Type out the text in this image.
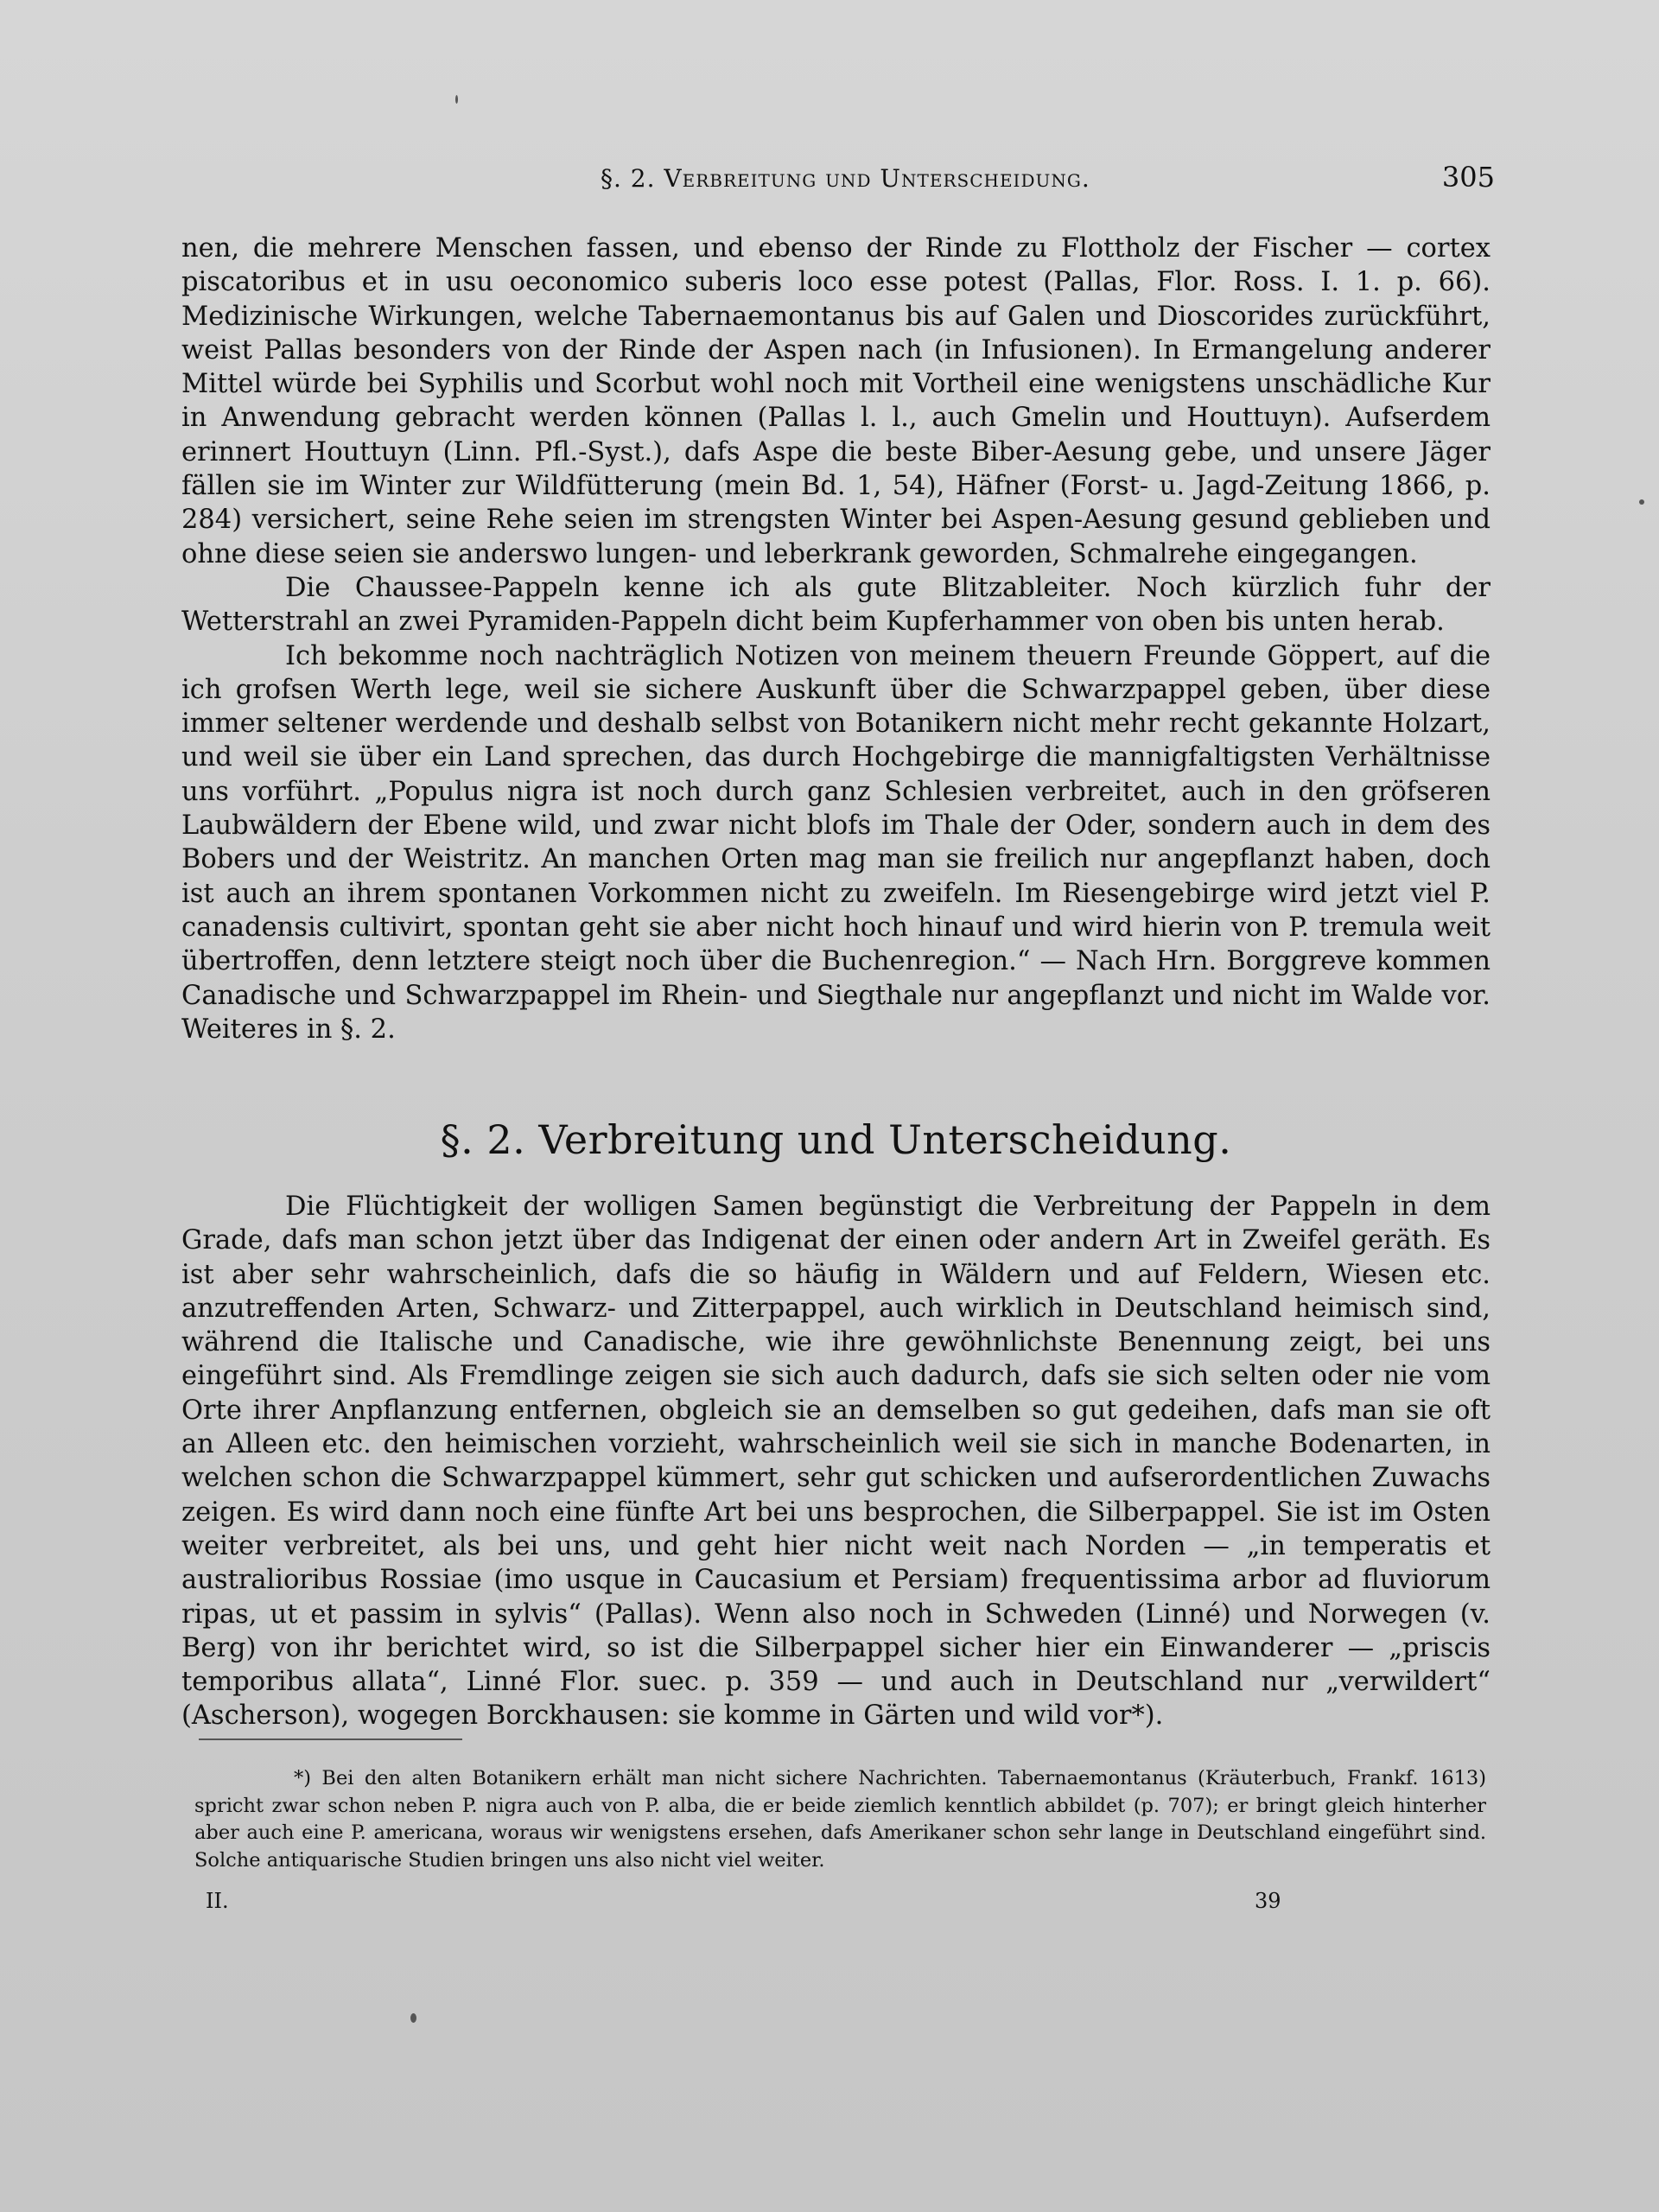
§. 2. Verbreitung und Unterscheidung.	305

nen, die mehrere Menschen fassen, und ebenso der Rinde zu Flottholz der Fischer — cortex piscatoribus et in usu oeconomico suberis loco esse potest (Pallas, Flor. Ross. I. 1. p. 66). Medizinische Wirkungen, welche Tabernaemontanus bis auf Galen und Dioscorides zurückführt, weist Pallas besonders von der Rinde der Aspen nach (in Infusionen). In Ermangelung anderer Mittel würde bei Syphilis und Scorbut wohl noch mit Vortheil eine wenigstens unschädliche Kur in Anwendung gebracht werden können (Pallas l. l., auch Gmelin und Houttuyn). Aufserdem erinnert Houttuyn (Linn. Pfl.-Syst.), dafs Aspe die beste Biber-Aesung gebe, und unsere Jäger fällen sie im Winter zur Wildfütterung (mein Bd. 1, 54), Häfner (Forst- u. Jagd-Zeitung 1866, p. 284) versichert, seine Rehe seien im strengsten Winter bei Aspen-Aesung gesund geblieben und ohne diese seien sie anderswo lungen- und leberkrank geworden, Schmalrehe eingegangen.

Die Chaussee-Pappeln kenne ich als gute Blitzableiter. Noch kürzlich fuhr der Wetterstrahl an zwei Pyramiden-Pappeln dicht beim Kupferhammer von oben bis unten herab.

Ich bekomme noch nachträglich Notizen von meinem theuern Freunde Göppert, auf die ich grofsen Werth lege, weil sie sichere Auskunft über die Schwarzpappel geben, über diese immer seltener werdende und deshalb selbst von Botanikern nicht mehr recht gekannte Holzart, und weil sie über ein Land sprechen, das durch Hochgebirge die mannigfaltigsten Verhältnisse uns vorführt. „Populus nigra ist noch durch ganz Schlesien verbreitet, auch in den gröfseren Laubwäldern der Ebene wild, und zwar nicht blofs im Thale der Oder, sondern auch in dem des Bobers und der Weistritz. An manchen Orten mag man sie freilich nur angepflanzt haben, doch ist auch an ihrem spontanen Vorkommen nicht zu zweifeln. Im Riesengebirge wird jetzt viel P. canadensis cultivirt, spontan geht sie aber nicht hoch hinauf und wird hierin von P. tremula weit übertroffen, denn letztere steigt noch über die Buchenregion.“ — Nach Hrn. Borggreve kommen Canadische und Schwarzpappel im Rhein- und Siegthale nur angepflanzt und nicht im Walde vor. Weiteres in §. 2.

§. 2. Verbreitung und Unterscheidung.

Die Flüchtigkeit der wolligen Samen begünstigt die Verbreitung der Pappeln in dem Grade, dafs man schon jetzt über das Indigenat der einen oder andern Art in Zweifel geräth. Es ist aber sehr wahrscheinlich, dafs die so häufig in Wäldern und auf Feldern, Wiesen etc. anzutreffenden Arten, Schwarz- und Zitterpappel, auch wirklich in Deutschland heimisch sind, während die Italische und Canadische, wie ihre gewöhnlichste Benennung zeigt, bei uns eingeführt sind. Als Fremdlinge zeigen sie sich auch dadurch, dafs sie sich selten oder nie vom Orte ihrer Anpflanzung entfernen, obgleich sie an demselben so gut gedeihen, dafs man sie oft an Alleen etc. den heimischen vorzieht, wahrscheinlich weil sie sich in manche Bodenarten, in welchen schon die Schwarzpappel kümmert, sehr gut schicken und aufserordentlichen Zuwachs zeigen. Es wird dann noch eine fünfte Art bei uns besprochen, die Silberpappel. Sie ist im Osten weiter verbreitet, als bei uns, und geht hier nicht weit nach Norden — „in temperatis et australioribus Rossiae (imo usque in Caucasium et Persiam) frequentissima arbor ad fluviorum ripas, ut et passim in sylvis“ (Pallas). Wenn also noch in Schweden (Linné) und Norwegen (v. Berg) von ihr berichtet wird, so ist die Silberpappel sicher hier ein Einwanderer — „priscis temporibus allata“, Linné Flor. suec. p. 359 — und auch in Deutschland nur „verwildert“ (Ascherson), wogegen Borckhausen: sie komme in Gärten und wild vor*).

*) Bei den alten Botanikern erhält man nicht sichere Nachrichten. Tabernaemontanus (Kräuterbuch, Frankf. 1613) spricht zwar schon neben P. nigra auch von P. alba, die er beide ziemlich kenntlich abbildet (p. 707); er bringt gleich hinterher aber auch eine P. americana, woraus wir wenigstens ersehen, dafs Amerikaner schon sehr lange in Deutschland eingeführt sind. Solche antiquarische Studien bringen uns also nicht viel weiter.

II.	39
